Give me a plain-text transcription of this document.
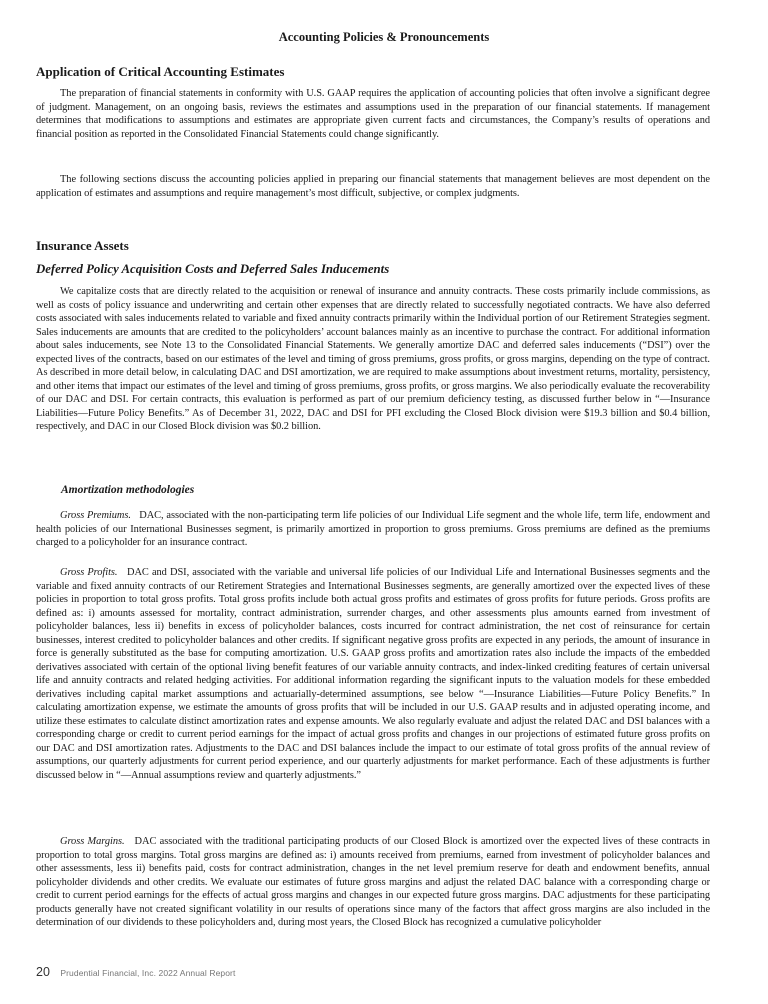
Accounting Policies & Pronouncements
Application of Critical Accounting Estimates

The preparation of financial statements in conformity with U.S. GAAP requires the application of accounting policies that often involve a significant degree of judgment. Management, on an ongoing basis, reviews the estimates and assumptions used in the preparation of our financial statements. If management determines that modifications to assumptions and estimates are appropriate given current facts and circumstances, the Company’s results of operations and financial position as reported in the Consolidated Financial Statements could change significantly.

The following sections discuss the accounting policies applied in preparing our financial statements that management believes are most dependent on the application of estimates and assumptions and require management’s most difficult, subjective, or complex judgments.

Insurance Assets
Deferred Policy Acquisition Costs and Deferred Sales Inducements

We capitalize costs that are directly related to the acquisition or renewal of insurance and annuity contracts. These costs primarily include commissions, as well as costs of policy issuance and underwriting and certain other expenses that are directly related to successfully negotiated contracts. We have also deferred costs associated with sales inducements related to variable and fixed annuity contracts primarily within the Individual portion of our Retirement Strategies segment. Sales inducements are amounts that are credited to the policyholders’ account balances mainly as an incentive to purchase the contract. For additional information about sales inducements, see Note 13 to the Consolidated Financial Statements. We generally amortize DAC and deferred sales inducements (“DSI”) over the expected lives of the contracts, based on our estimates of the level and timing of gross premiums, gross profits, or gross margins, depending on the type of contract. As described in more detail below, in calculating DAC and DSI amortization, we are required to make assumptions about investment returns, mortality, persistency, and other items that impact our estimates of the level and timing of gross premiums, gross profits, or gross margins. We also periodically evaluate the recoverability of our DAC and DSI. For certain contracts, this evaluation is performed as part of our premium deficiency testing, as discussed further below in “—Insurance Liabilities—Future Policy Benefits.” As of December 31, 2022, DAC and DSI for PFI excluding the Closed Block division were $19.3 billion and $0.4 billion, respectively, and DAC in our Closed Block division was $0.2 billion.

Amortization methodologies

Gross Premiums. DAC, associated with the non-participating term life policies of our Individual Life segment and the whole life, term life, endowment and health policies of our International Businesses segment, is primarily amortized in proportion to gross premiums. Gross premiums are defined as the premiums charged to a policyholder for an insurance contract.

Gross Profits. DAC and DSI, associated with the variable and universal life policies of our Individual Life and International Businesses segments and the variable and fixed annuity contracts of our Retirement Strategies and International Businesses segments, are generally amortized over the expected lives of these policies in proportion to total gross profits. Total gross profits include both actual gross profits and estimates of gross profits for future periods. Gross profits are defined as: i) amounts assessed for mortality, contract administration, surrender charges, and other assessments plus amounts earned from investment of policyholder balances, less ii) benefits in excess of policyholder balances, costs incurred for contract administration, the net cost of reinsurance for certain businesses, interest credited to policyholder balances and other credits. If significant negative gross profits are expected in any periods, the amount of insurance in force is generally substituted as the base for computing amortization. U.S. GAAP gross profits and amortization rates also include the impacts of the embedded derivatives associated with certain of the optional living benefit features of our variable annuity contracts, and index-linked crediting features of certain universal life and annuity contracts and related hedging activities. For additional information regarding the significant inputs to the valuation models for these embedded derivatives including capital market assumptions and actuarially-determined assumptions, see below “—Insurance Liabilities—Future Policy Benefits.” In calculating amortization expense, we estimate the amounts of gross profits that will be included in our U.S. GAAP results and in adjusted operating income, and utilize these estimates to calculate distinct amortization rates and expense amounts. We also regularly evaluate and adjust the related DAC and DSI balances with a corresponding charge or credit to current period earnings for the impact of actual gross profits and changes in our projections of estimated future gross profits on our DAC and DSI amortization rates. Adjustments to the DAC and DSI balances include the impact to our estimate of total gross profits of the annual review of assumptions, our quarterly adjustments for current period experience, and our quarterly adjustments for market performance. Each of these adjustments is further discussed below in “—Annual assumptions review and quarterly adjustments.”

Gross Margins. DAC associated with the traditional participating products of our Closed Block is amortized over the expected lives of these contracts in proportion to total gross margins. Total gross margins are defined as: i) amounts received from premiums, earned from investment of policyholder balances and other assessments, less ii) benefits paid, costs for contract administration, changes in the net level premium reserve for death and endowment benefits, annual policyholder dividends and other credits. We evaluate our estimates of future gross margins and adjust the related DAC balance with a corresponding charge or credit to current period earnings for the effects of actual gross margins and changes in our expected future gross margins. DAC adjustments for these participating products generally have not created significant volatility in our results of operations since many of the factors that affect gross margins are also included in the determination of our dividends to these policyholders and, during most years, the Closed Block has recognized a cumulative policyholder

20 Prudential Financial, Inc. 2022 Annual Report
